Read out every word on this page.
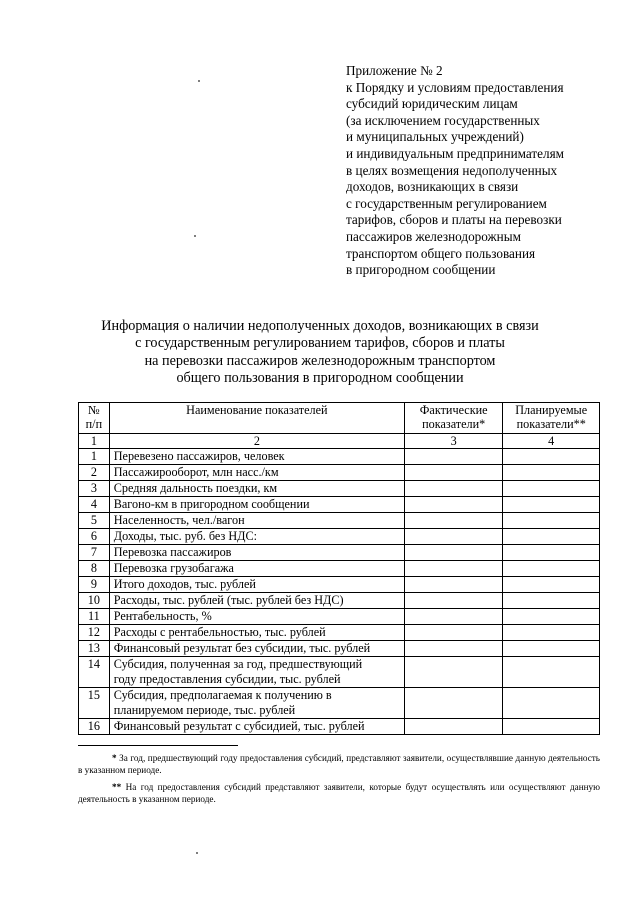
Приложение № 2
к Порядку и условиям предоставления
субсидий юридическим лицам
(за исключением государственных
и муниципальных учреждений)
и индивидуальным предпринимателям
в целях возмещения недополученных
доходов, возникающих в связи
с государственным регулированием
тарифов, сборов и платы на перевозки
пассажиров железнодорожным
транспортом общего пользования
в пригородном сообщении
Информация о наличии недополученных доходов, возникающих в связи
с государственным регулированием тарифов, сборов и платы
на перевозки пассажиров железнодорожным транспортом
общего пользования в пригородном сообщении
№ п/п	Наименование показателей	Фактические показатели*	Планируемые показатели**
1	2	3	4
1	Перевезено пассажиров, человек		
2	Пассажирооборот, млн насс./км		
3	Средняя дальность поездки, км		
4	Вагоно-км в пригородном сообщении		
5	Населенность, чел./вагон		
6	Доходы, тыс. руб. без НДС:		
7	Перевозка пассажиров		
8	Перевозка грузобагажа		
9	Итого доходов, тыс. рублей		
10	Расходы, тыс. рублей (тыс. рублей без НДС)		
11	Рентабельность, %		
12	Расходы с рентабельностью, тыс. рублей		
13	Финансовый результат без субсидии, тыс. рублей		
14	Субсидия, полученная за год, предшествующий
году предоставления субсидии, тыс. рублей		

15	Субсидия, предполагаемая к получению в
планируемом периоде, тыс. рублей		

16	Финансовый результат с субсидией, тыс. рублей		

* За год, предшествующий году предоставления субсидий, представляют заявители, осуществлявшие данную деятельность в указанном периоде.

** На год предоставления субсидий представляют заявители, которые будут осуществлять или осуществляют данную деятельность в указанном периоде.
